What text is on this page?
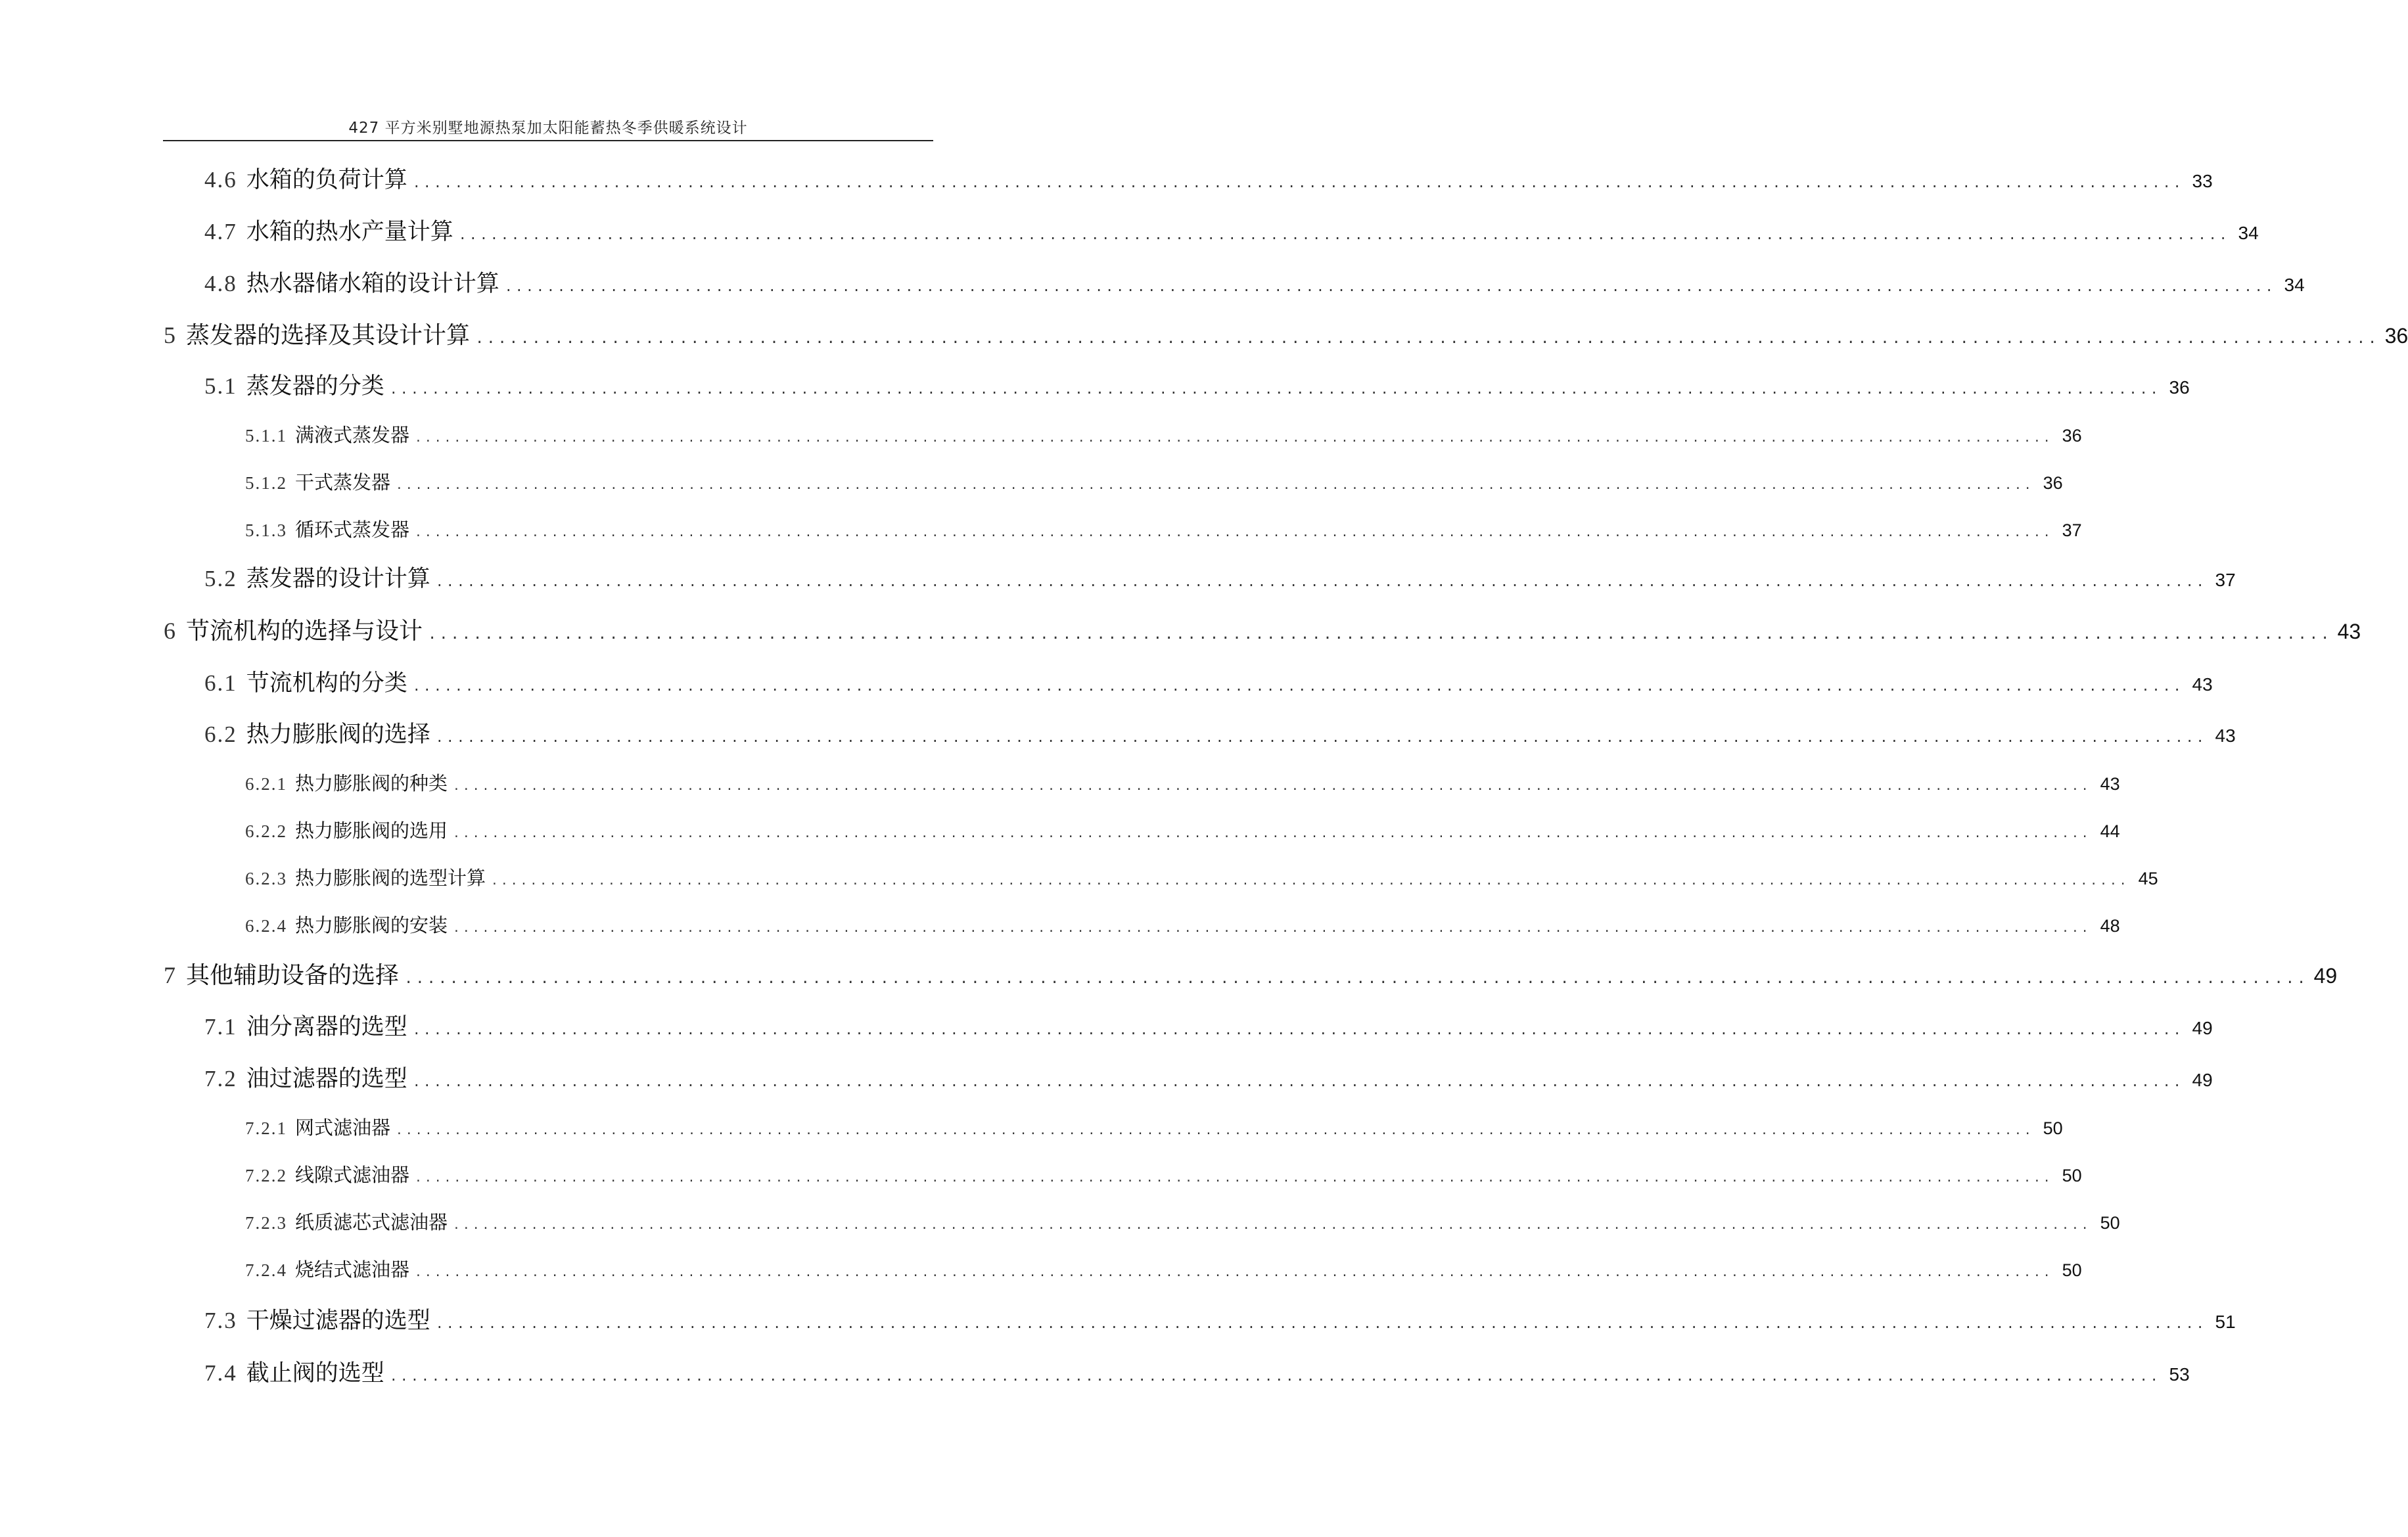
427 平方米别墅地源热泵加太阳能蓄热冬季供暖系统设计
4.6 水箱的负荷计算 ........................................................................................................................................................................ 33
4.7 水箱的热水产量计算 ........................................................................................................................................................................ 34
4.8 热水器储水箱的设计计算 ........................................................................................................................................................................ 34
5 蒸发器的选择及其设计计算 ........................................................................................................................................................................ 36
5.1 蒸发器的分类 ........................................................................................................................................................................ 36
5.1.1 满液式蒸发器 ........................................................................................................................................................................ 36
5.1.2 干式蒸发器 ........................................................................................................................................................................ 36
5.1.3 循环式蒸发器 ........................................................................................................................................................................ 37
5.2 蒸发器的设计计算 ........................................................................................................................................................................ 37
6 节流机构的选择与设计 ........................................................................................................................................................................ 43
6.1 节流机构的分类 ........................................................................................................................................................................ 43
6.2 热力膨胀阀的选择 ........................................................................................................................................................................ 43
6.2.1 热力膨胀阀的种类 ........................................................................................................................................................................ 43
6.2.2 热力膨胀阀的选用 ........................................................................................................................................................................ 44
6.2.3 热力膨胀阀的选型计算 ........................................................................................................................................................................ 45
6.2.4 热力膨胀阀的安装 ........................................................................................................................................................................ 48
7 其他辅助设备的选择 ........................................................................................................................................................................ 49
7.1 油分离器的选型 ........................................................................................................................................................................ 49
7.2 油过滤器的选型 ........................................................................................................................................................................ 49
7.2.1 网式滤油器 ........................................................................................................................................................................ 50
7.2.2 线隙式滤油器 ........................................................................................................................................................................ 50
7.2.3 纸质滤芯式滤油器 ........................................................................................................................................................................ 50
7.2.4 烧结式滤油器 ........................................................................................................................................................................ 50
7.3 干燥过滤器的选型 ........................................................................................................................................................................ 51
7.4 截止阀的选型 ........................................................................................................................................................................ 53
